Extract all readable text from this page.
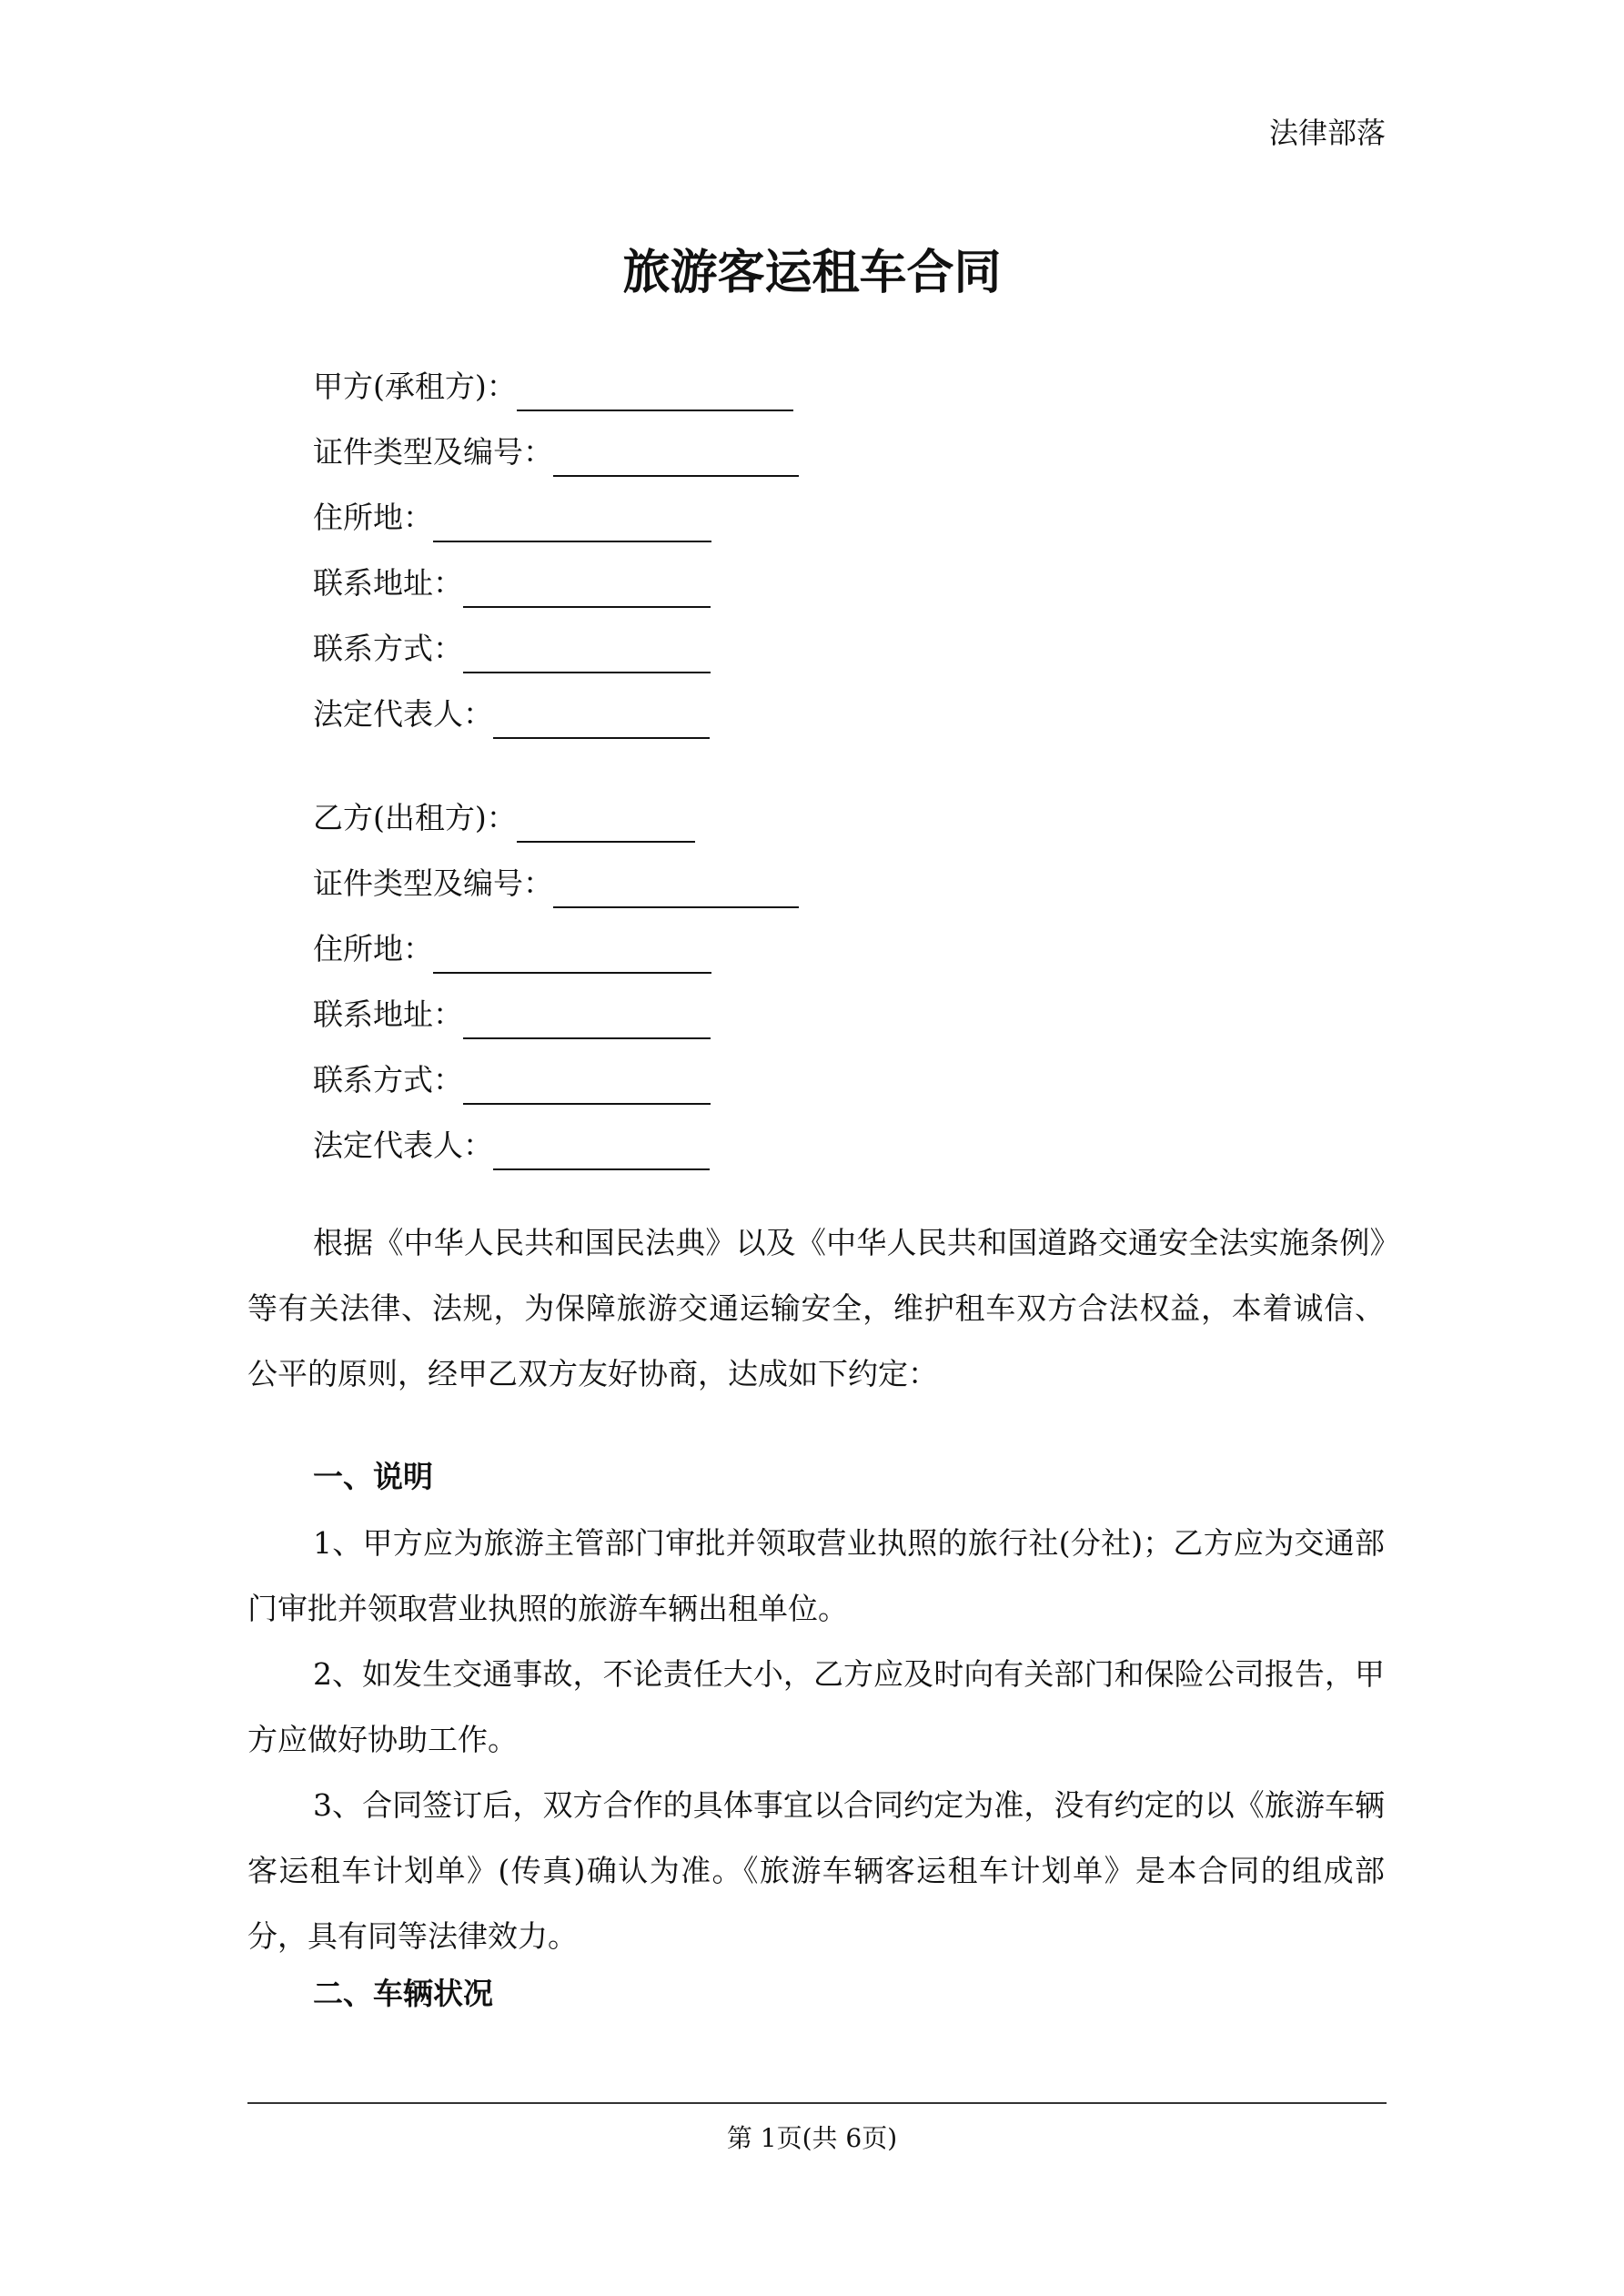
法律部落
旅游客运租车合同
甲方(承租方)：
证件类型及编号：
住所地：
联系地址：
联系方式：
法定代表人：
乙方(出租方)：
证件类型及编号：
住所地：
联系地址：
联系方式：
法定代表人：
根据《中华人民共和国民法典》以及《中华人民共和国道路交通安全法实施条例》等有关法律、法规，为保障旅游交通运输安全，维护租车双方合法权益，本着诚信、公平的原则，经甲乙双方友好协商，达成如下约定：
一、说明
1、甲方应为旅游主管部门审批并领取营业执照的旅行社(分社)；乙方应为交通部门审批并领取营业执照的旅游车辆出租单位。
2、如发生交通事故，不论责任大小，乙方应及时向有关部门和保险公司报告，甲方应做好协助工作。
3、合同签订后，双方合作的具体事宜以合同约定为准，没有约定的以《旅游车辆客运租车计划单》(传真)确认为准。《旅游车辆客运租车计划单》是本合同的组成部分，具有同等法律效力。
二、车辆状况
第 1页(共 6页)
